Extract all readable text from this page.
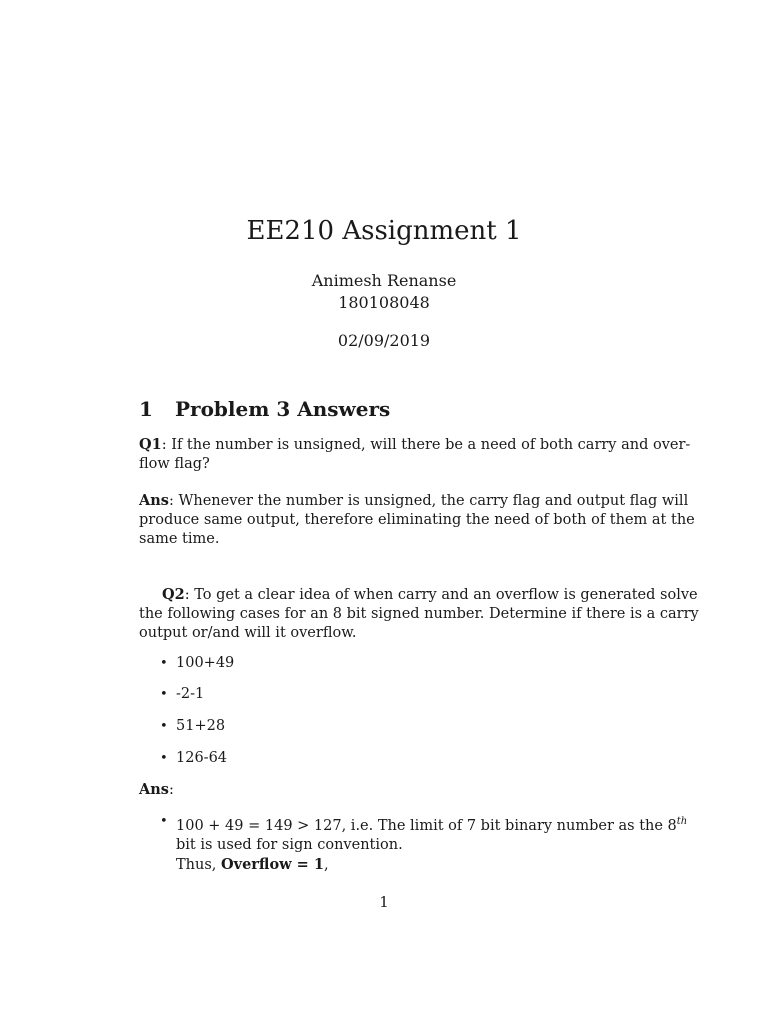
EE210 Assignment 1
Animesh Renanse
180108048
02/09/2019
1 Problem 3 Answers
Q1: If the number is unsigned, will there be a need of both carry and over-
flow flag?
Ans: Whenever the number is unsigned, the carry flag and output flag will
produce same output, therefore eliminating the need of both of them at the
same time.
Q2: To get a clear idea of when carry and an overflow is generated solve
the following cases for an 8 bit signed number. Determine if there is a carry
output or/and will it overflow.
• 100+49
• -2-1
• 51+28
• 126-64
Ans:
• 100 + 49 = 149 > 127, i.e. The limit of 7 bit binary number as the 8th
bit is used for sign convention.
Thus, Overflow = 1,
1
